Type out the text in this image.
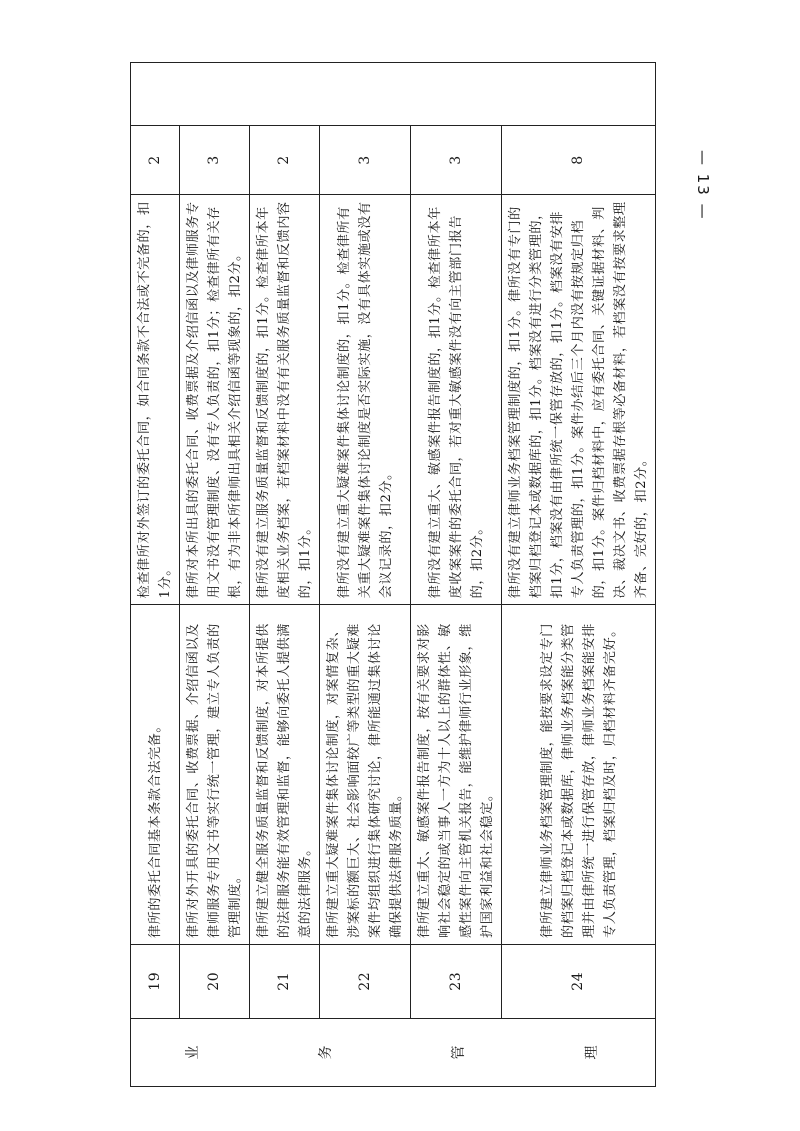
业 务 管 理	19	律所的委托合同基本条款合法完备。	检查律所对外签订的委托合同，如合同条款不合法或不完备的，扣1分。	2	
	20	律所对外开具的委托合同、收费票据、介绍信函以及律师服务专用文书等实行统一管理，建立专人负责的管理制度。	律所对本所出具的委托合同、收费票据及介绍信函以及律师服务专用文书没有管理制度、没有专人负责的，扣1分；检查律所有关存根，有为非本所律师出具相关介绍信函等现象的，扣2分。	3	
	21	律所建立健全服务质量监督和反馈制度，对本所提供的法律服务能有效管理和监督，能够向委托人提供满意的法律服务。	律所没有建立服务质量监督和反馈制度的，扣1分。检查律所本年度相关业务档案，若档案材料中没有有关服务质量监督和反馈内容的，扣1分。	2	
	22	律所建立重大疑难案件集体讨论制度，对案情复杂、涉案标的额巨大、社会影响面较广等类型的重大疑难案件均组织进行集体研究讨论，律所能通过集体讨论确保提供法律服务质量。	律所没有建立重大疑难案件集体讨论制度的，扣1分。检查律所有关重大疑难案件集体讨论制度是否实际实施，没有具体实施或没有会议记录的，扣2分。	3	
	23	律所建立重大、敏感案件报告制度，按有关要求对影响社会稳定的或当事人一方为十人以上的群体性、敏感性案件向主管机关报告，能维护律师行业形象，维护国家利益和社会稳定。	律所没有建立重大、敏感案件报告制度的，扣1分。检查律所本年度收案案件的委托合同，若对重大敏感案件没有向主管部门报告的，扣2分。	3	
	24	律所建立律师业务档案管理制度，能按要求设定专门的档案归档登记本或数据库，律师业务档案能分类管理并由律所统一进行保管存放，律师业务档案能安排专人负责管理，档案归档及时，归档材料齐备完好。	律所没有建立律师业务档案管理制度的，扣1分。律所没有专门的档案归档登记本或数据库的，扣1分。档案没有进行分类管理的，扣1分，档案没有由律所统一保管存放的，扣1分。档案没有安排专人负责管理的，扣1分。案件办结后三个月内没有按规定归档的，扣1分。案件归档材料中，应有委托合同、关键证据材料、判决、裁决文书、收费票据存根等必备材料，若档案没有按要求整理齐备、完好的，扣2分。	8		— 13 —
